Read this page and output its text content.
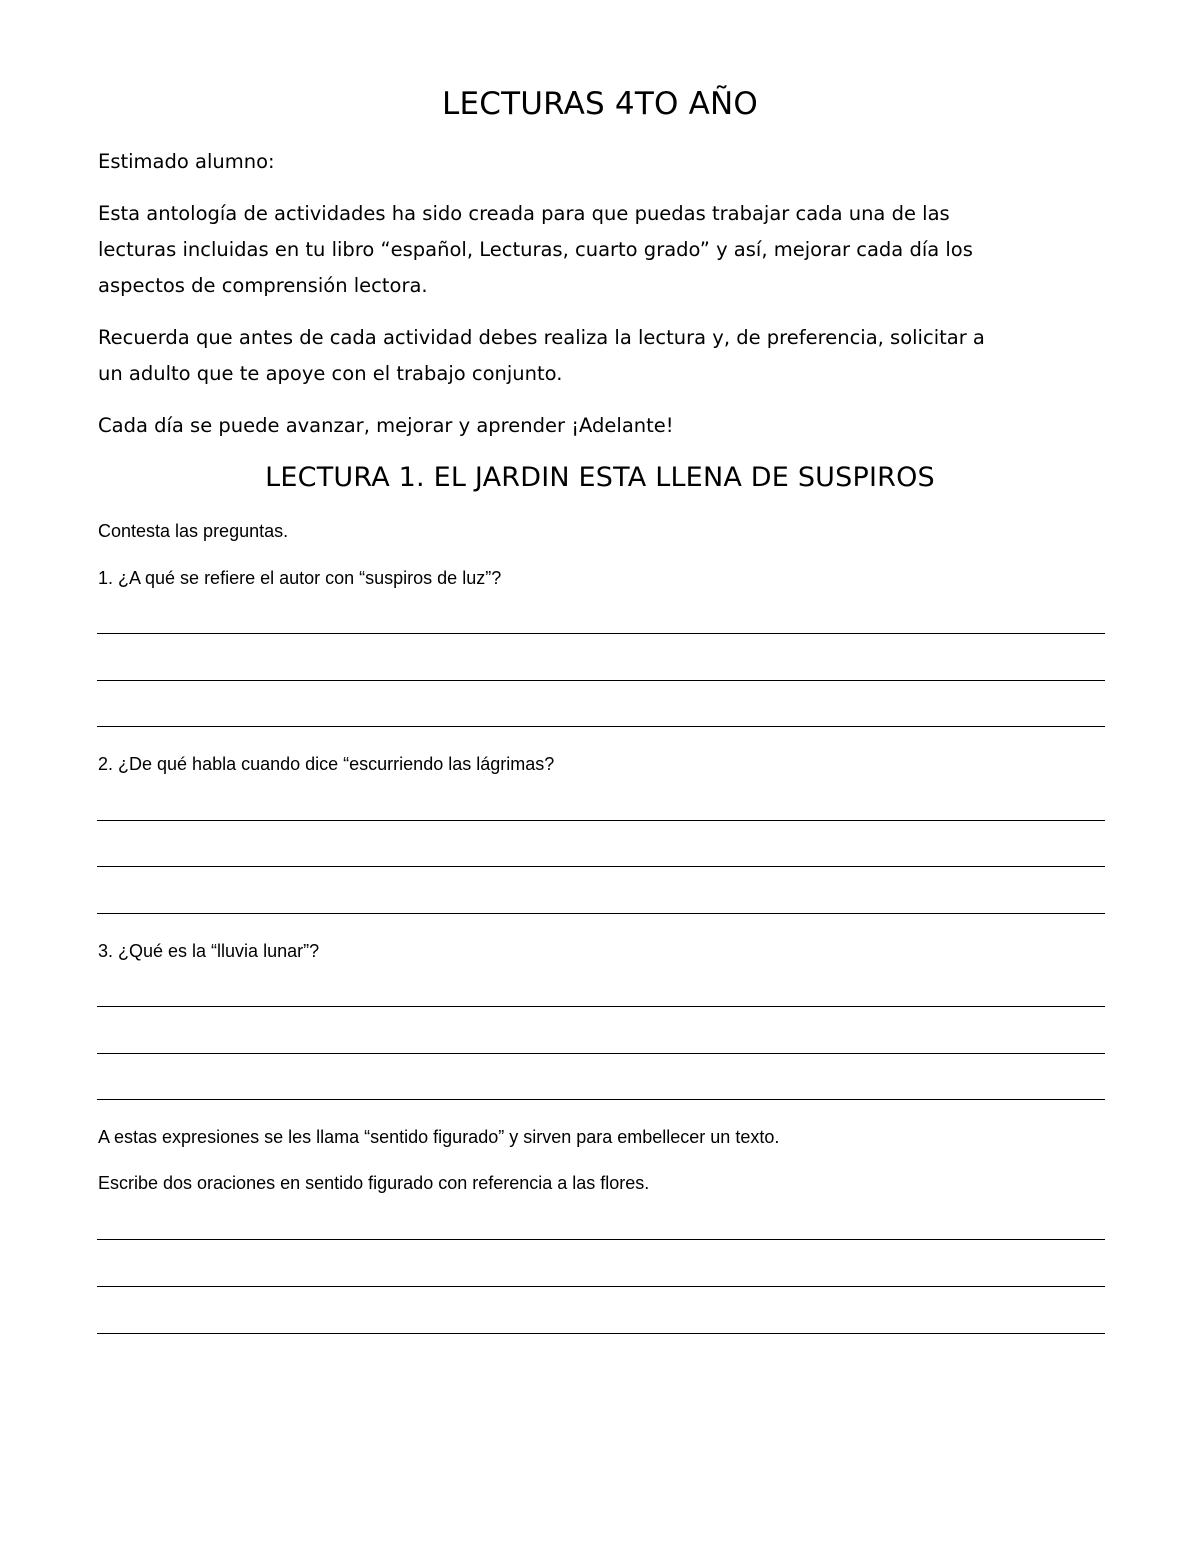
LECTURAS 4TO AÑO

Estimado alumno:

Esta antología de actividades ha sido creada para que puedas trabajar cada una de las

lecturas incluidas en tu libro “español, Lecturas, cuarto grado” y así, mejorar cada día los

aspectos de comprensión lectora.

Recuerda que antes de cada actividad debes realiza la lectura y, de preferencia, solicitar a

un adulto que te apoye con el trabajo conjunto.

Cada día se puede avanzar, mejorar y aprender ¡Adelante!

LECTURA 1. EL JARDIN ESTA LLENA DE SUSPIROS

Contesta las preguntas.

1. ¿A qué se refiere el autor con “suspiros de luz”?

2. ¿De qué habla cuando dice “escurriendo las lágrimas?

3. ¿Qué es la “lluvia lunar”?

A estas expresiones se les llama “sentido figurado” y sirven para embellecer un texto.

Escribe dos oraciones en sentido figurado con referencia a las flores.
